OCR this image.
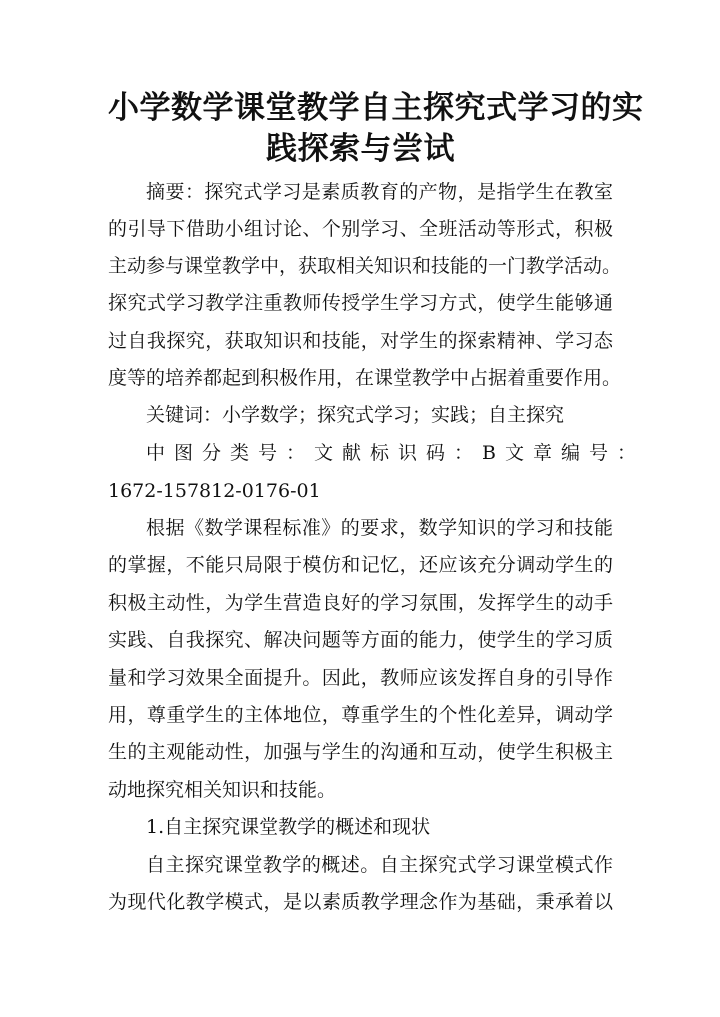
小学数学课堂教学自主探究式学习的实
践探索与尝试
摘要：探究式学习是素质教育的产物，是指学生在教室
的引导下借助小组讨论、个别学习、全班活动等形式，积极
主动参与课堂教学中，获取相关知识和技能的一门教学活动。
探究式学习教学注重教师传授学生学习方式，使学生能够通
过自我探究，获取知识和技能，对学生的探索精神、学习态
度等的培养都起到积极作用，在课堂教学中占据着重要作用。
关键词：小学数学；探究式学习；实践；自主探究
中图分类号：文献标识码：B文章编号：
1672-157812-0176-01
根据《数学课程标准》的要求，数学知识的学习和技能
的掌握，不能只局限于模仿和记忆，还应该充分调动学生的
积极主动性，为学生营造良好的学习氛围，发挥学生的动手
实践、自我探究、解决问题等方面的能力，使学生的学习质
量和学习效果全面提升。因此，教师应该发挥自身的引导作
用，尊重学生的主体地位，尊重学生的个性化差异，调动学
生的主观能动性，加强与学生的沟通和互动，使学生积极主
动地探究相关知识和技能。
1.自主探究课堂教学的概述和现状
自主探究课堂教学的概述。自主探究式学习课堂模式作
为现代化教学模式，是以素质教学理念作为基础，秉承着以
